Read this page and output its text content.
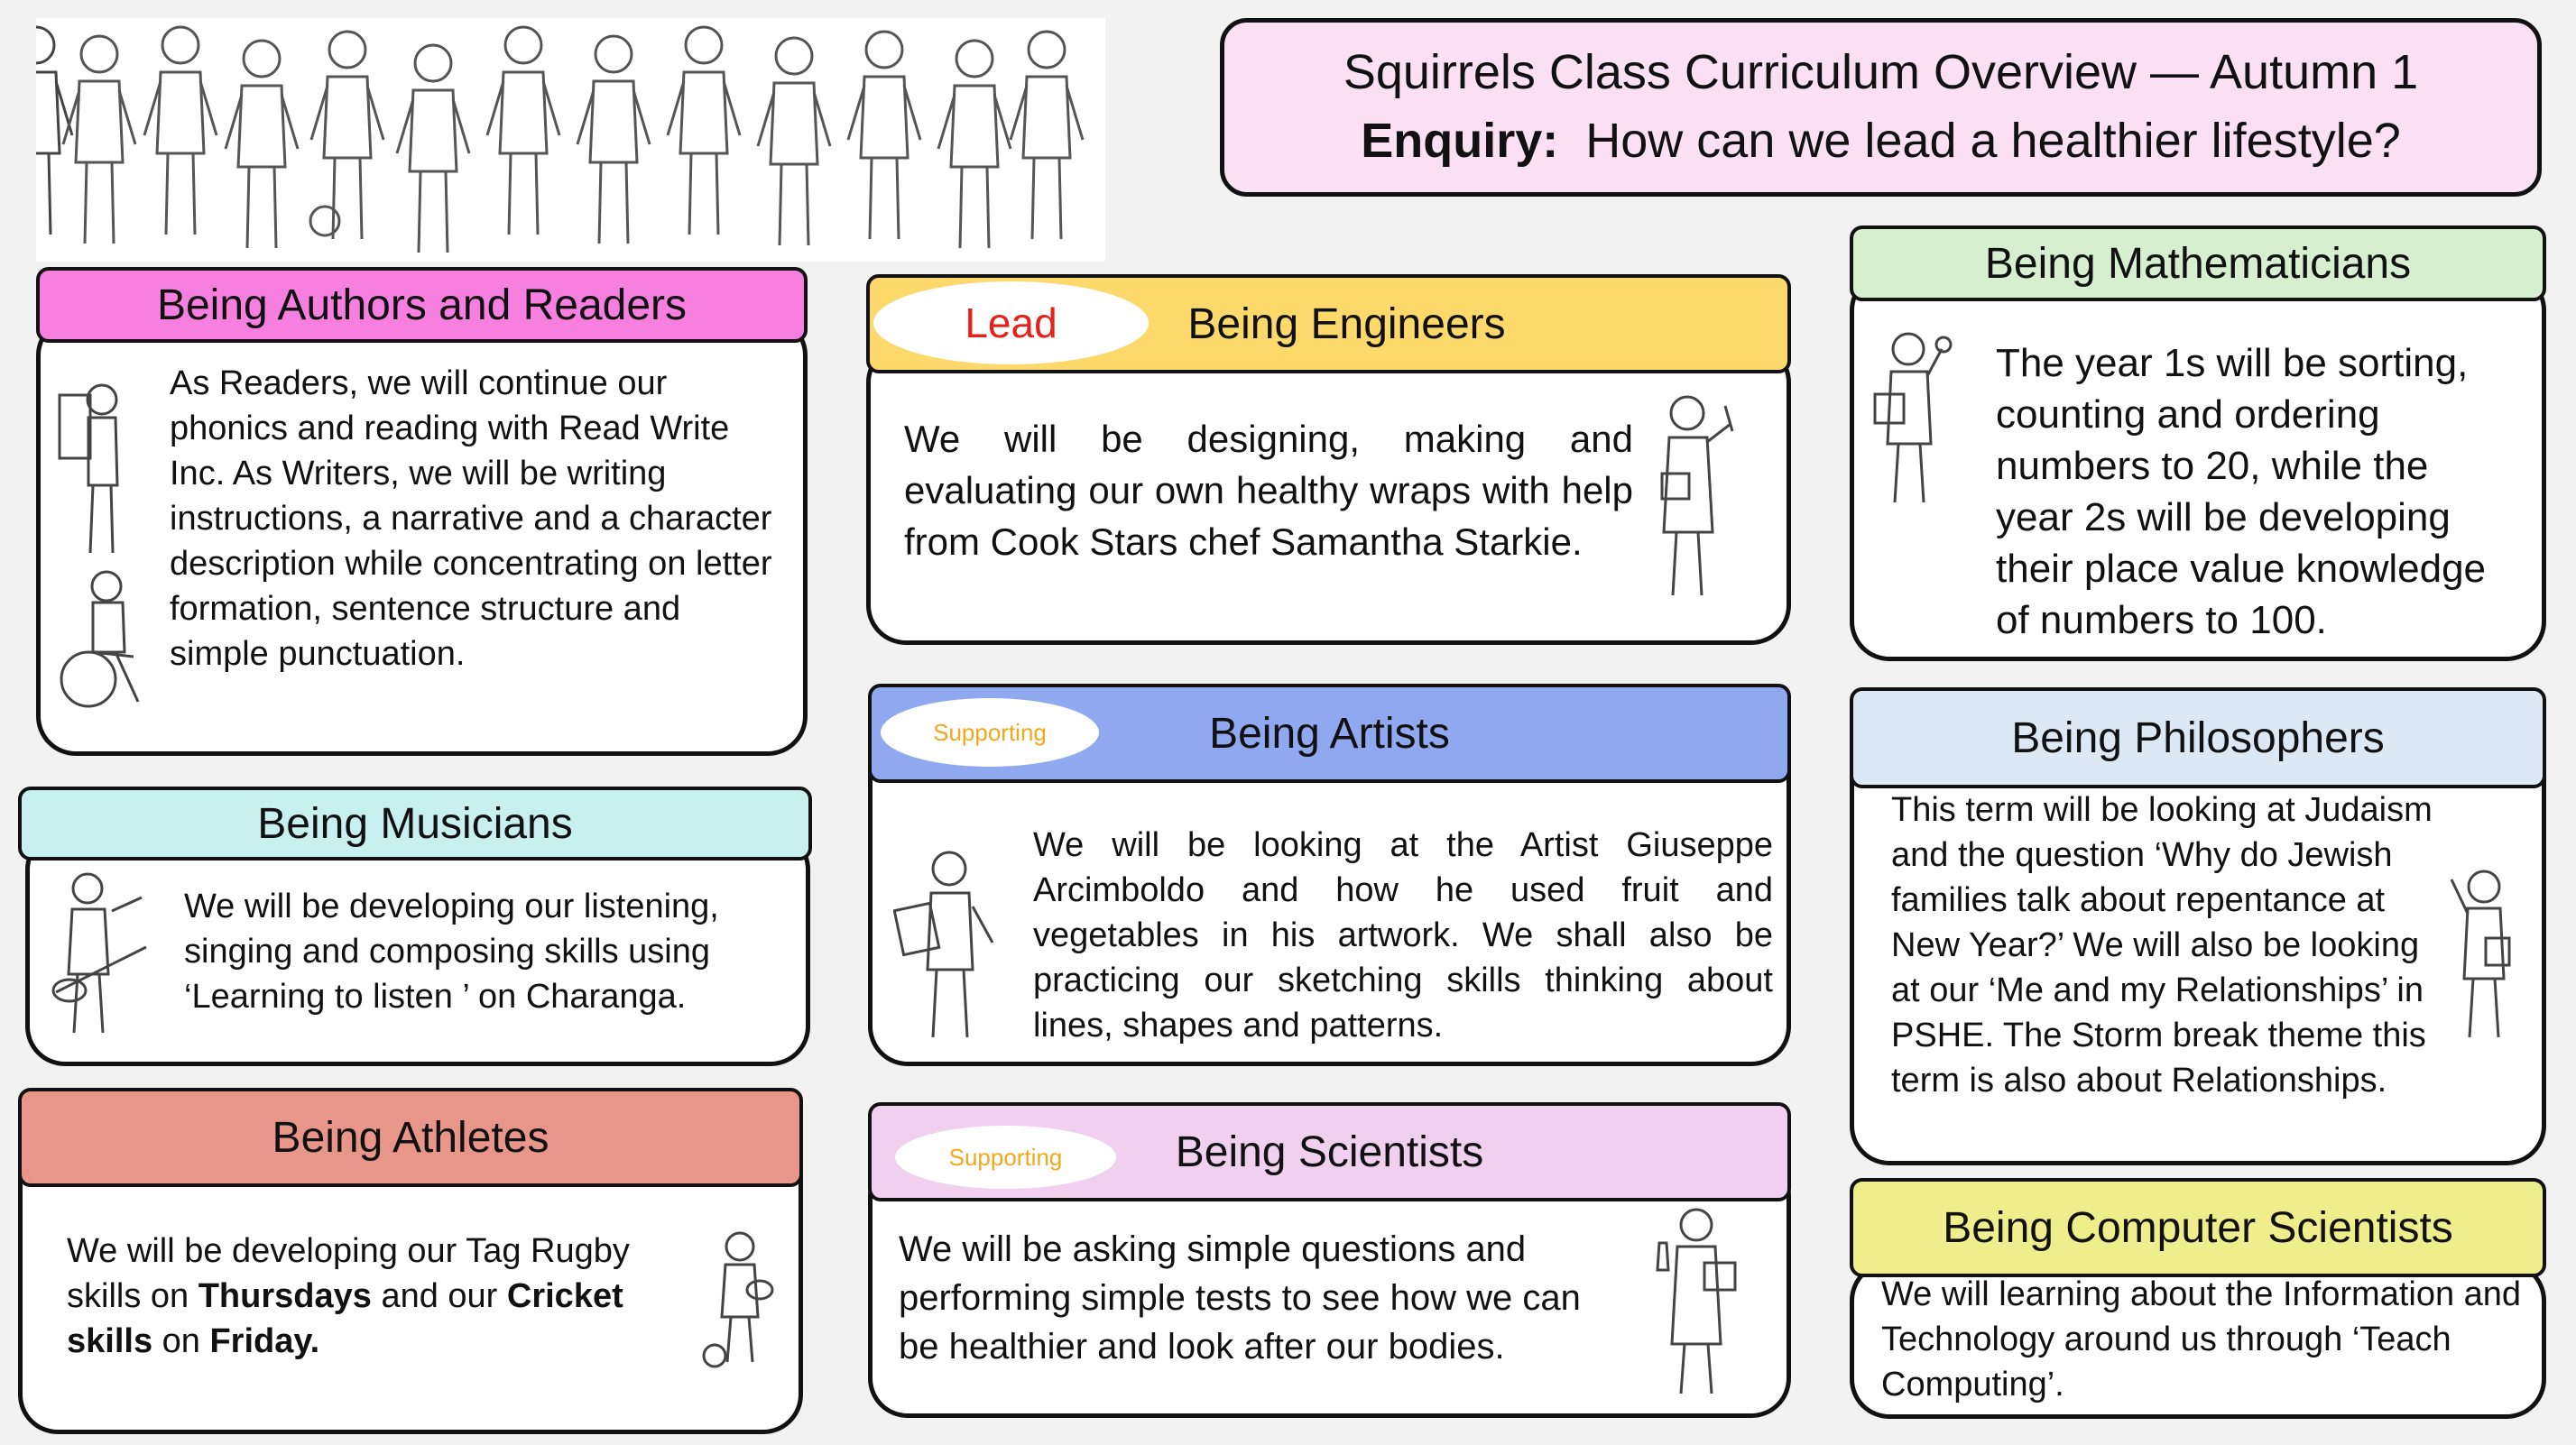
Squirrels Class Curriculum Overview — Autumn 1
Enquiry: How can we lead a healthier lifestyle?
Being Authors and Readers
As Readers, we will continue our phonics and reading with Read Write Inc. As Writers, we will be writing instructions, a narrative and a character description while concentrating on letter formation, sentence structure and simple punctuation.
Being Engineers
Lead
We will be designing, making and evaluating our own healthy wraps with help from Cook Stars chef Samantha Starkie.
Being Mathematicians
The year 1s will be sorting, counting and ordering numbers to 20, while the year 2s will be developing their place value knowledge of numbers to 100.
Being Musicians
We will be developing our listening, singing and composing skills using ‘Learning to listen ’ on Charanga.
Being Artists
Supporting
We will be looking at the Artist Giuseppe Arcimboldo and how he used fruit and vegetables in his artwork. We shall also be practicing our sketching skills thinking about lines, shapes and patterns.
Being Philosophers
This term will be looking at Judaism and the question ‘Why do Jewish families talk about repentance at New Year?’ We will also be looking at our ‘Me and my Relationships’ in PSHE. The Storm break theme this term is also about Relationships.
Being Athletes
We will be developing our Tag Rugby skills on Thursdays and our Cricket skills on Friday.
Being Scientists
Supporting
We will be asking simple questions and performing simple tests to see how we can be healthier and look after our bodies.
Being Computer Scientists
We will learning about the Information and Technology around us through ‘Teach Computing’.
